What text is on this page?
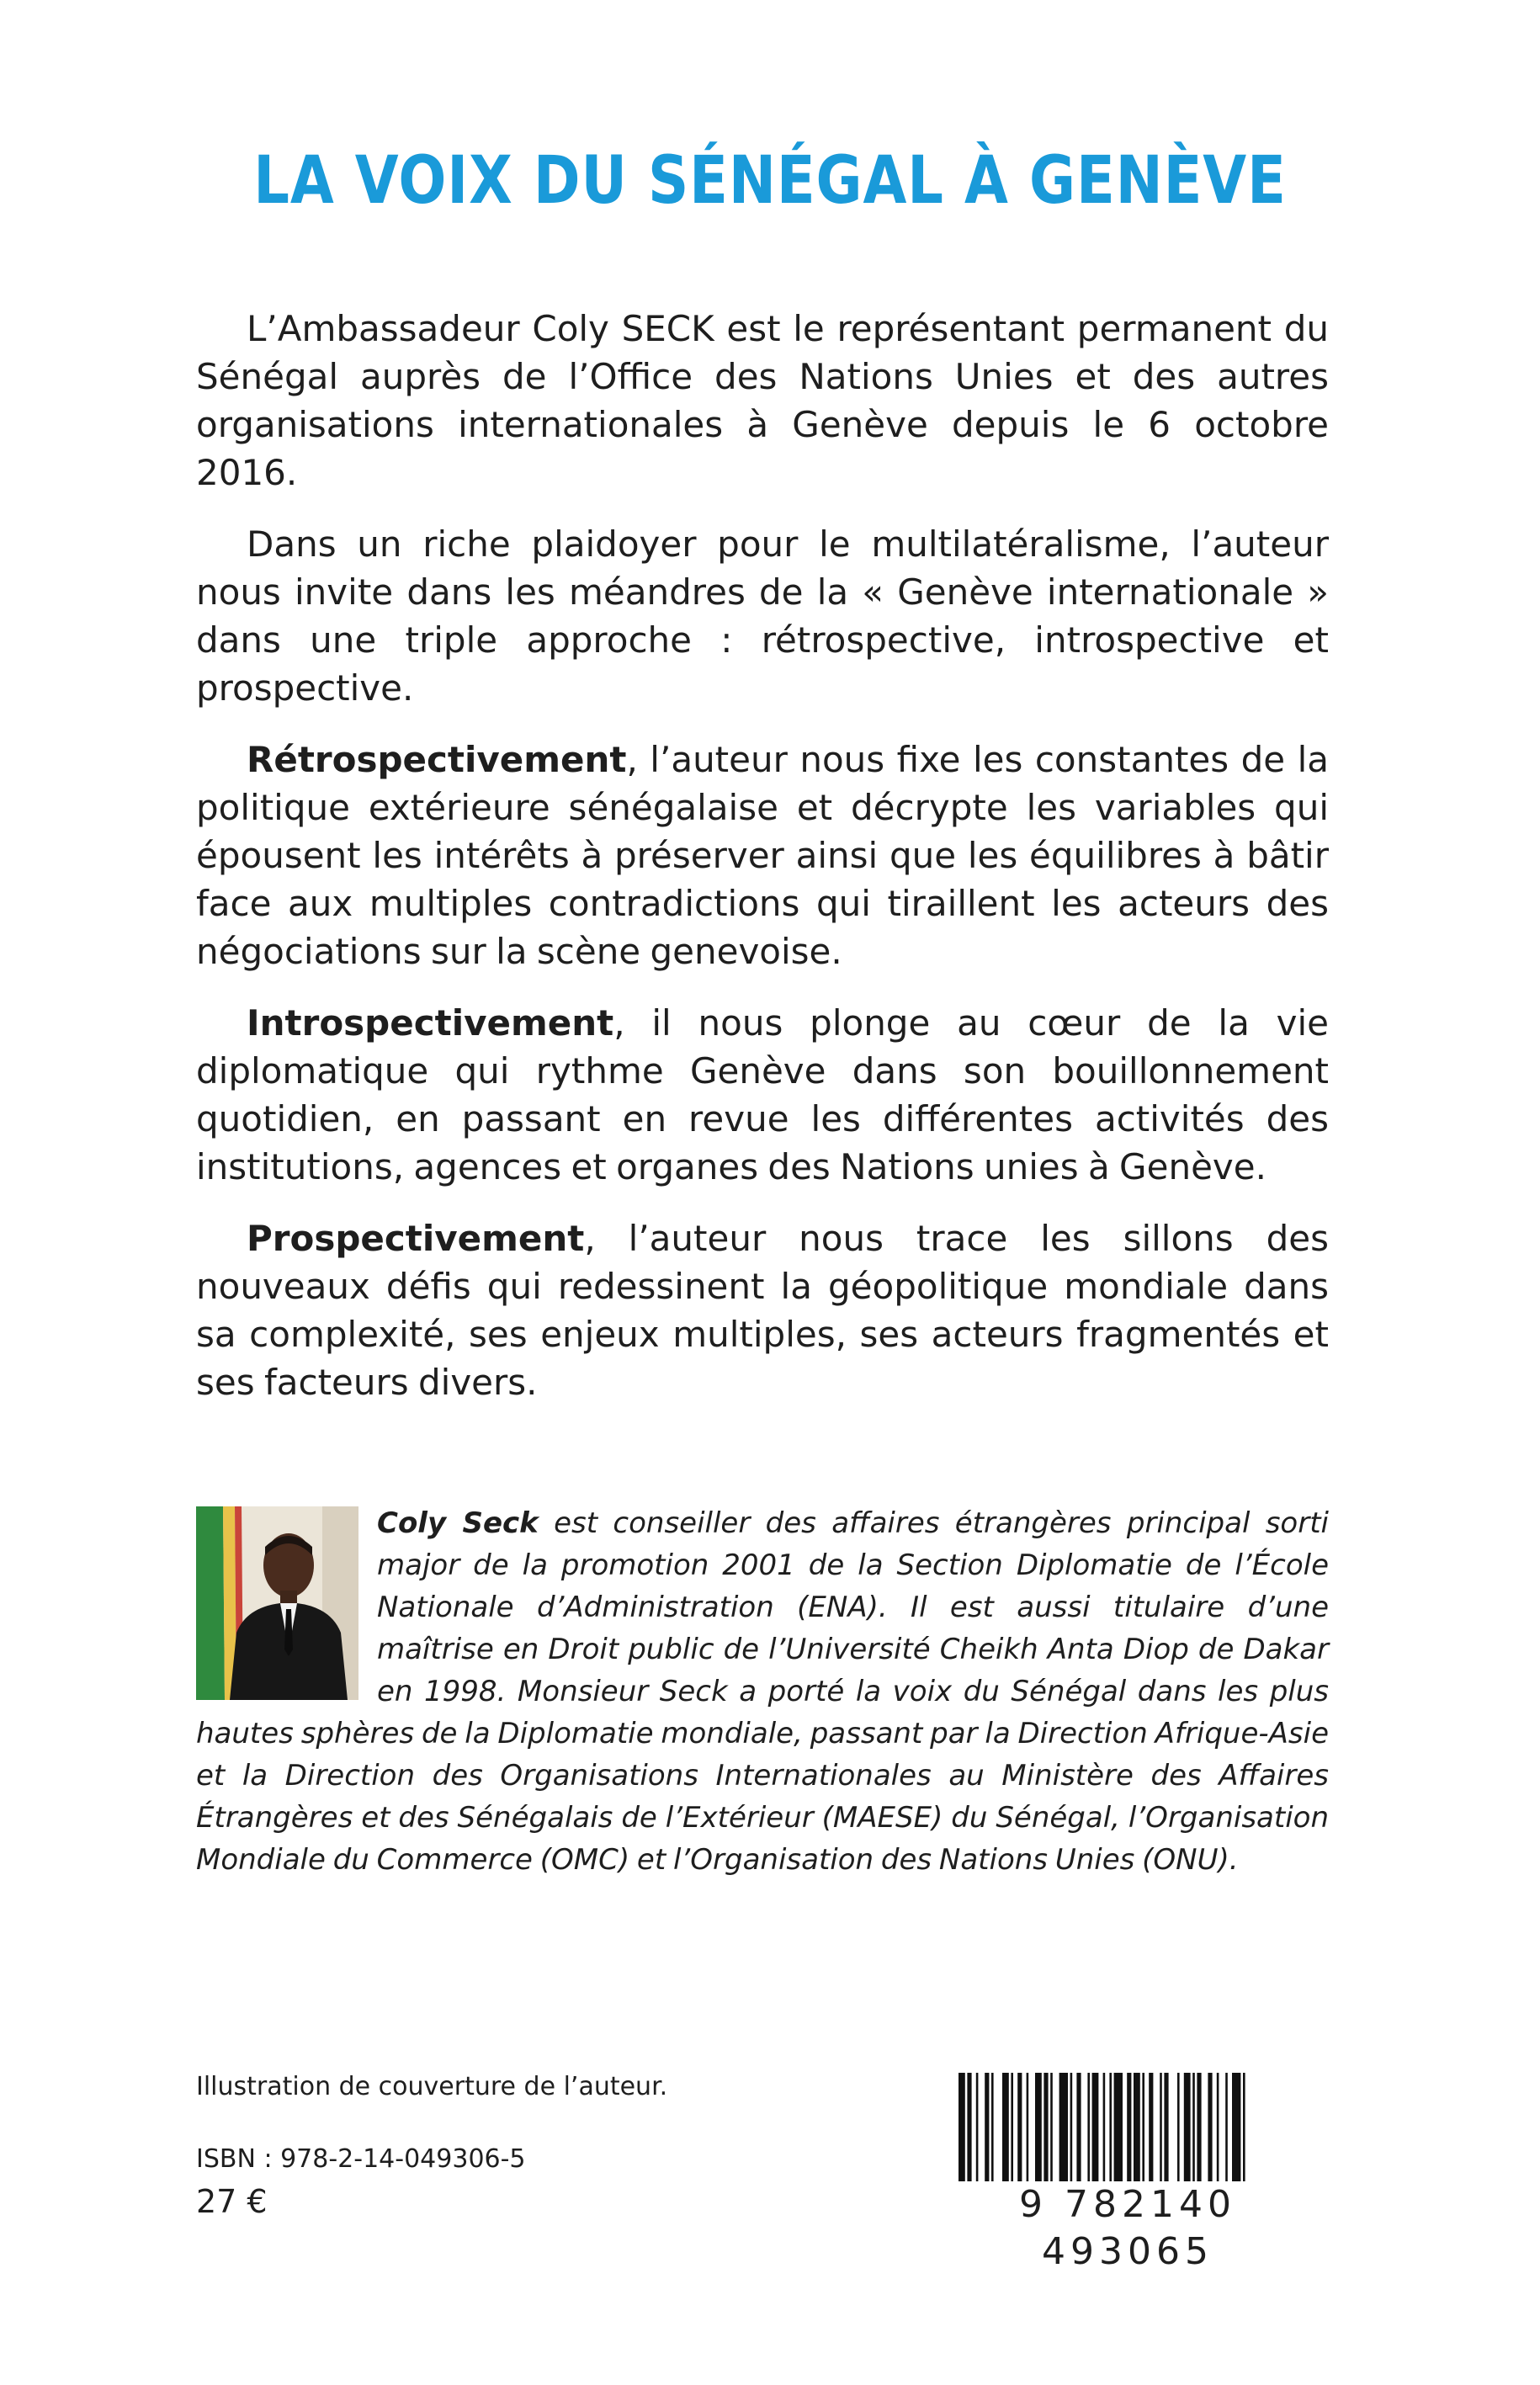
LA VOIX DU SÉNÉGAL À GENÈVE

L’Ambassadeur Coly SECK est le représentant permanent du Sénégal auprès de l’Office des Nations Unies et des autres organisations internationales à Genève depuis le 6 octobre 2016.

Dans un riche plaidoyer pour le multilatéralisme, l’auteur nous invite dans les méandres de la « Genève internationale » dans une triple approche : rétrospective, introspective et prospective.

Rétrospectivement, l’auteur nous fixe les constantes de la politique extérieure sénégalaise et décrypte les variables qui épousent les intérêts à préserver ainsi que les équilibres à bâtir face aux multiples contradictions qui tiraillent les acteurs des négociations sur la scène genevoise.

Introspectivement, il nous plonge au cœur de la vie diplomatique qui rythme Genève dans son bouillonnement quotidien, en passant en revue les différentes activités des institutions, agences et organes des Nations unies à Genève.

Prospectivement, l’auteur nous trace les sillons des nouveaux défis qui redessinent la géopolitique mondiale dans sa complexité, ses enjeux multiples, ses acteurs fragmentés et ses facteurs divers.

Coly Seck est conseiller des affaires étrangères principal sorti major de la promotion 2001 de la Section Diplomatie de l’École Nationale d’Administration (ENA). Il est aussi titulaire d’une maîtrise en Droit public de l’Université Cheikh Anta Diop de Dakar en 1998. Monsieur Seck a porté la voix du Sénégal dans les plus hautes sphères de la Diplomatie mondiale, passant par la Direction Afrique-Asie et la Direction des Organisations Internationales au Ministère des Affaires Étrangères et des Sénégalais de l’Extérieur (MAESE) du Sénégal, l’Organisation Mondiale du Commerce (OMC) et l’Organisation des Nations Unies (ONU).
Illustration de couverture de l’auteur.
ISBN : 978-2-14-049306-5
27 €	9 782140 493065
